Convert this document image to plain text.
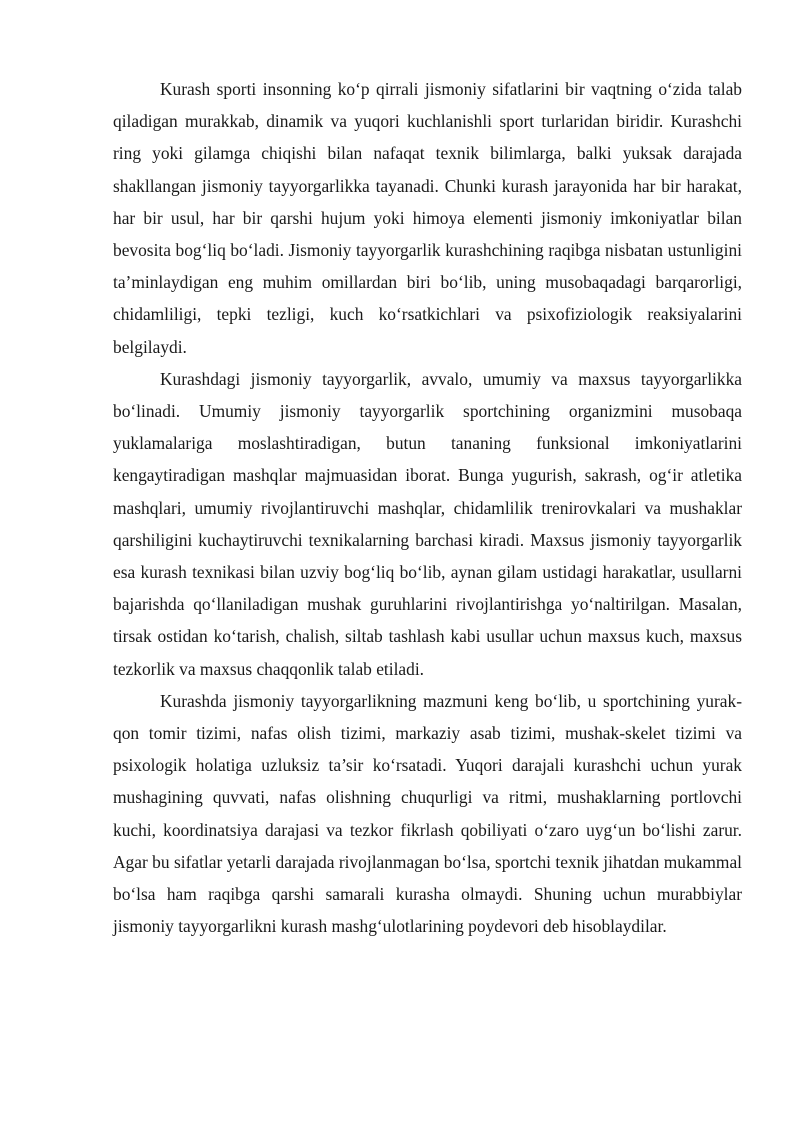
Kurash sporti insonning ko‘p qirrali jismoniy sifatlarini bir vaqtning o‘zida talab qiladigan murakkab, dinamik va yuqori kuchlanishli sport turlaridan biridir. Kurashchi ring yoki gilamga chiqishi bilan nafaqat texnik bilimlarga, balki yuksak darajada shakllangan jismoniy tayyorgarlikka tayanadi. Chunki kurash jarayonida har bir harakat, har bir usul, har bir qarshi hujum yoki himoya elementi jismoniy imkoniyatlar bilan bevosita bog‘liq bo‘ladi. Jismoniy tayyorgarlik kurashchining raqibga nisbatan ustunligini ta’minlaydigan eng muhim omillardan biri bo‘lib, uning musobaqadagi barqarorligi, chidamliligi, tepki tezligi, kuch ko‘rsatkichlari va psixofiziologik reaksiyalarini belgilaydi.

Kurashdagi jismoniy tayyorgarlik, avvalo, umumiy va maxsus tayyorgarlikka bo‘linadi. Umumiy jismoniy tayyorgarlik sportchining organizmini musobaqa yuklamalariga moslashtiradigan, butun tananing funksional imkoniyatlarini kengaytiradigan mashqlar majmuasidan iborat. Bunga yugurish, sakrash, og‘ir atletika mashqlari, umumiy rivojlantiruvchi mashqlar, chidamlilik trenirovkalari va mushaklar qarshiligini kuchaytiruvchi texnikalarning barchasi kiradi. Maxsus jismoniy tayyorgarlik esa kurash texnikasi bilan uzviy bog‘liq bo‘lib, aynan gilam ustidagi harakatlar, usullarni bajarishda qo‘llaniladigan mushak guruhlarini rivojlantirishga yo‘naltirilgan. Masalan, tirsak ostidan ko‘tarish, chalish, siltab tashlash kabi usullar uchun maxsus kuch, maxsus tezkorlik va maxsus chaqqonlik talab etiladi.

Kurashda jismoniy tayyorgarlikning mazmuni keng bo‘lib, u sportchining yurak-qon tomir tizimi, nafas olish tizimi, markaziy asab tizimi, mushak-skelet tizimi va psixologik holatiga uzluksiz ta’sir ko‘rsatadi. Yuqori darajali kurashchi uchun yurak mushagining quvvati, nafas olishning chuqurligi va ritmi, mushaklarning portlovchi kuchi, koordinatsiya darajasi va tezkor fikrlash qobiliyati o‘zaro uyg‘un bo‘lishi zarur. Agar bu sifatlar yetarli darajada rivojlanmagan bo‘lsa, sportchi texnik jihatdan mukammal bo‘lsa ham raqibga qarshi samarali kurasha olmaydi. Shuning uchun murabbiylar jismoniy tayyorgarlikni kurash mashg‘ulotlarining poydevori deb hisoblaydilar.
